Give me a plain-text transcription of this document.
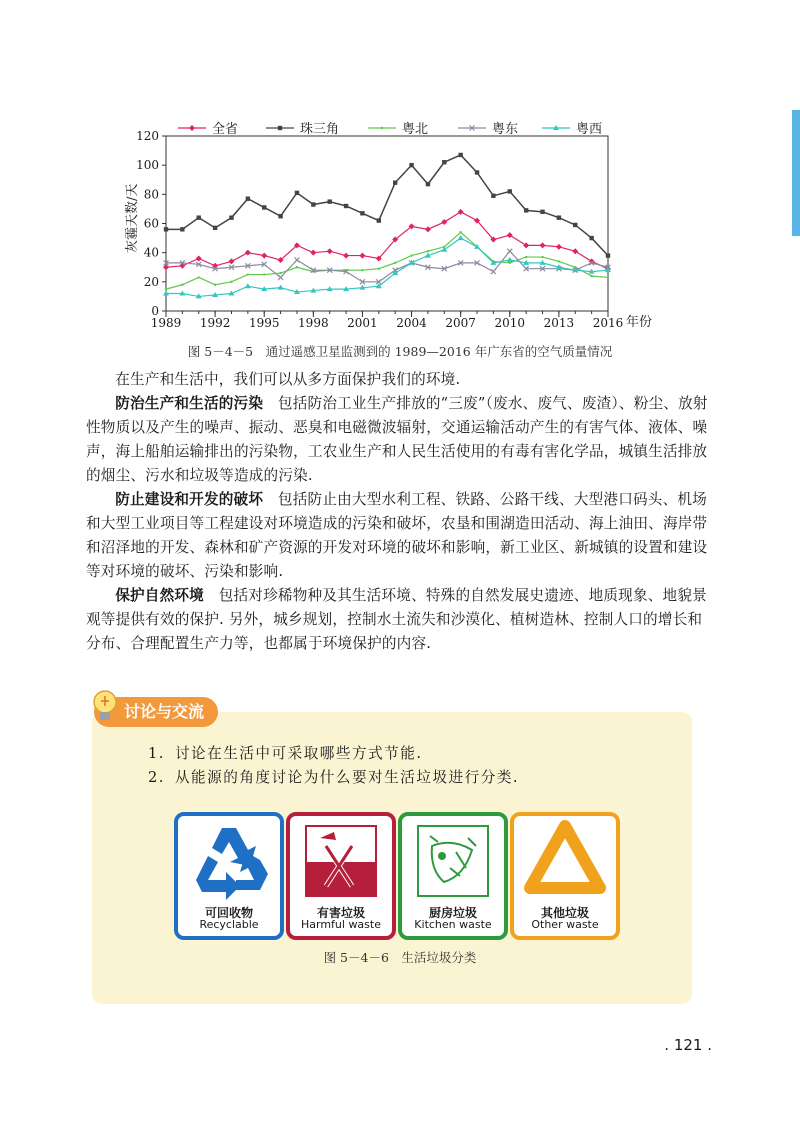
0
20
40
60
80
100
120
1989 1992 1995 1998 2001 2004 2007 2010 2013 2016
全省	珠三角	粤北	粤东	粤西
灰霾天数/天
年份
图 5－4－5　通过遥感卫星监测到的 1989—2016 年广东省的空气质量情况

在生产和生活中，我们可以从多方面保护我们的环境.

防治生产和生活的污染　包括防治工业生产排放的“三废”（废水、废气、废渣）、粉尘、放射性物质以及产生的噪声、振动、恶臭和电磁微波辐射，交通运输活动产生的有害气体、液体、噪声，海上船舶运输排出的污染物，工农业生产和人民生活使用的有毒有害化学品，城镇生活排放的烟尘、污水和垃圾等造成的污染.

防止建设和开发的破坏　包括防止由大型水利工程、铁路、公路干线、大型港口码头、机场和大型工业项目等工程建设对环境造成的污染和破坏，农垦和围湖造田活动、海上油田、海岸带和沼泽地的开发、森林和矿产资源的开发对环境的破坏和影响，新工业区、新城镇的设置和建设等对环境的破坏、污染和影响.

保护自然环境　包括对珍稀物种及其生活环境、特殊的自然发展史遗迹、地质现象、地貌景观等提供有效的保护. 另外，城乡规划，控制水土流失和沙漠化、植树造林、控制人口的增长和分布、合理配置生产力等，也都属于环境保护的内容.

讨论与交流
1. 讨论在生活中可采取哪些方式节能.
2. 从能源的角度讨论为什么要对生活垃圾进行分类.
可回收物
Recyclable
有害垃圾
Harmful waste
厨房垃圾
Kitchen waste
其他垃圾
Other waste
图 5－4－6　生活垃圾分类
. 121 .
